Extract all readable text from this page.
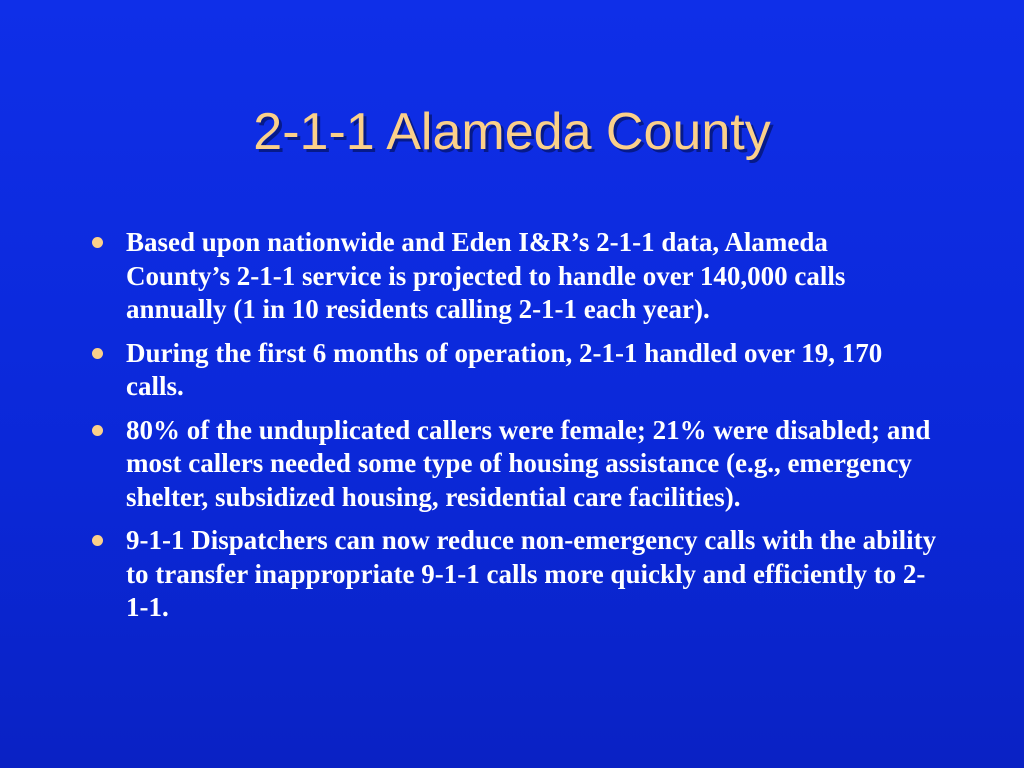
2-1-1 Alameda County
Based upon nationwide and Eden I&R’s 2-1-1 data, Alameda County’s 2-1-1 service is projected to handle over 140,000 calls annually (1 in 10 residents calling 2-1-1 each year).
During the first 6 months of operation, 2-1-1 handled over 19, 170 calls.
80% of the unduplicated callers were female; 21% were disabled; and most callers needed some type of housing assistance (e.g., emergency shelter, subsidized housing, residential care facilities).
9-1-1 Dispatchers can now reduce non-emergency calls with the ability to transfer inappropriate 9-1-1 calls more quickly and efficiently to 2-1-1.
